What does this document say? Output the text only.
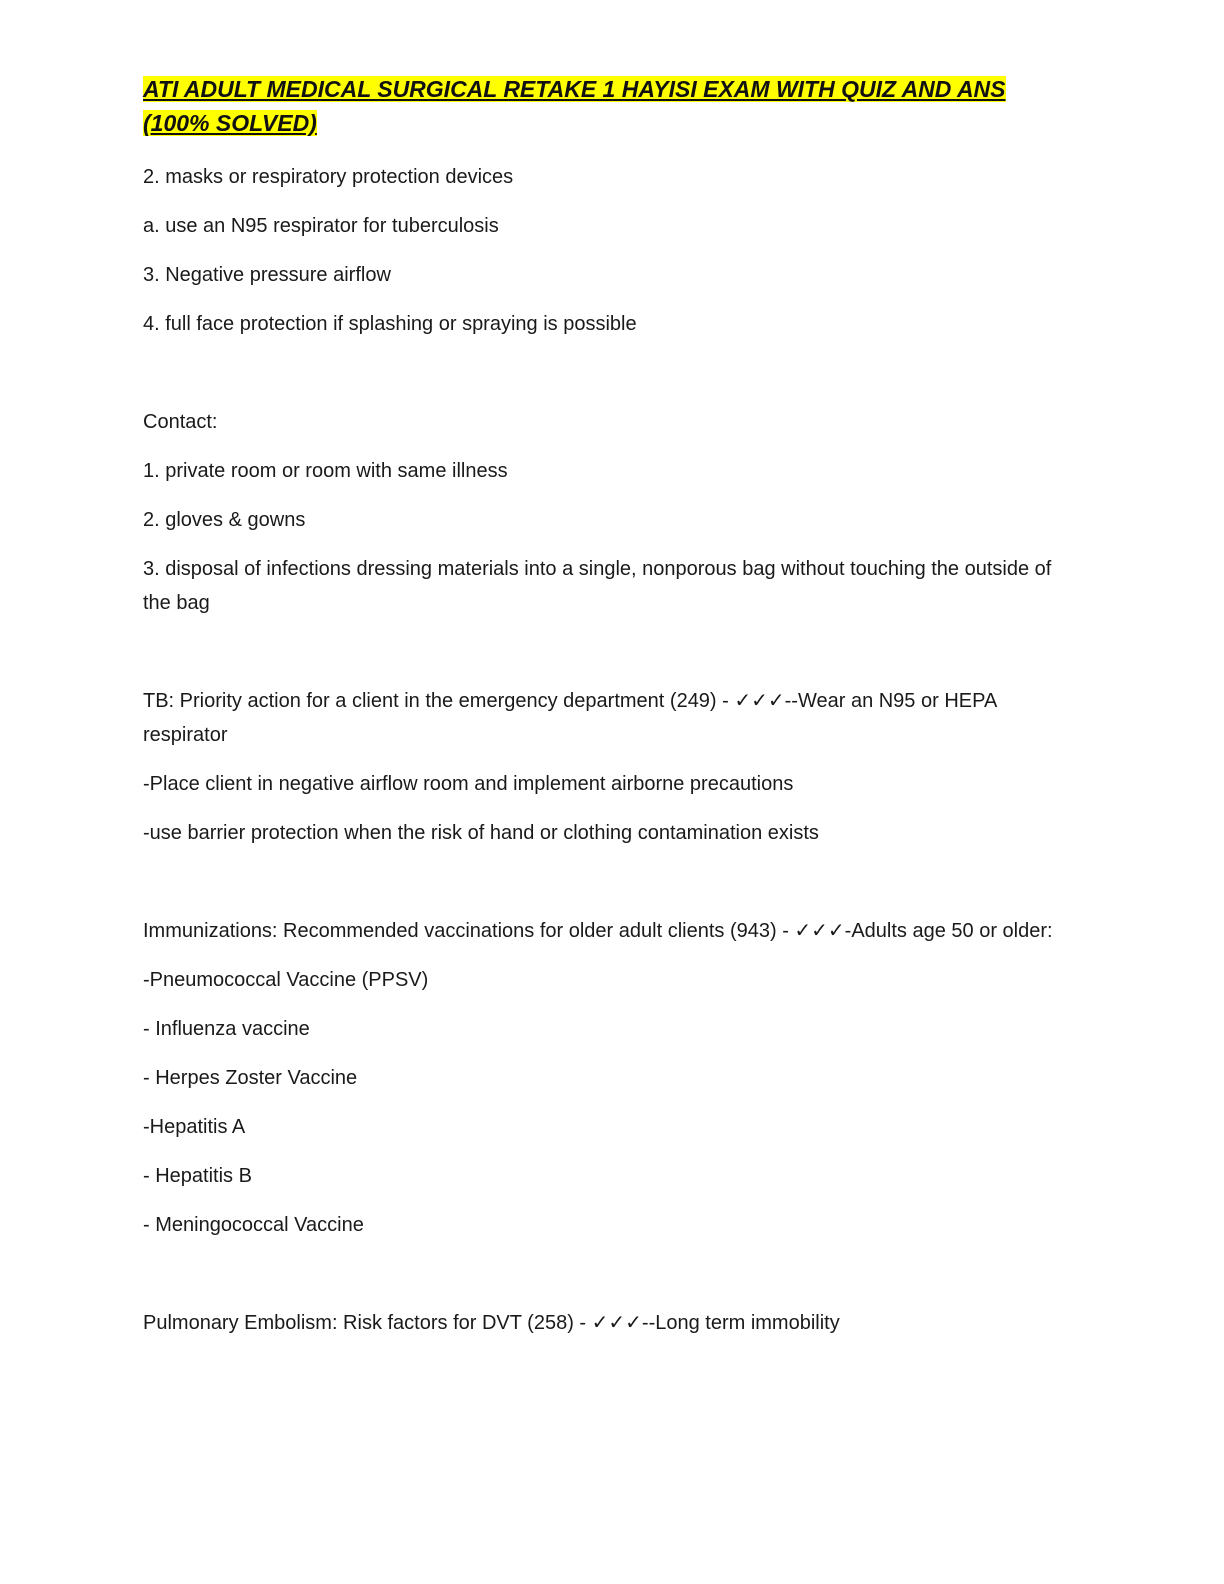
ATI ADULT MEDICAL SURGICAL RETAKE 1 HAYISI EXAM WITH QUIZ AND ANS
(100% SOLVED)

2. masks or respiratory protection devices

a. use an N95 respirator for tuberculosis

3. Negative pressure airflow

4. full face protection if splashing or spraying is possible

Contact:

1. private room or room with same illness

2. gloves & gowns

3. disposal of infections dressing materials into a single, nonporous bag without touching the outside of the bag

TB: Priority action for a client in the emergency department (249) - ✓✓✓--Wear an N95 or HEPA respirator

-Place client in negative airflow room and implement airborne precautions

-use barrier protection when the risk of hand or clothing contamination exists

Immunizations: Recommended vaccinations for older adult clients (943) - ✓✓✓-Adults age 50 or older:

-Pneumococcal Vaccine (PPSV)

- Influenza vaccine

- Herpes Zoster Vaccine

-Hepatitis A

- Hepatitis B

- Meningococcal Vaccine

Pulmonary Embolism: Risk factors for DVT (258) - ✓✓✓--Long term immobility
